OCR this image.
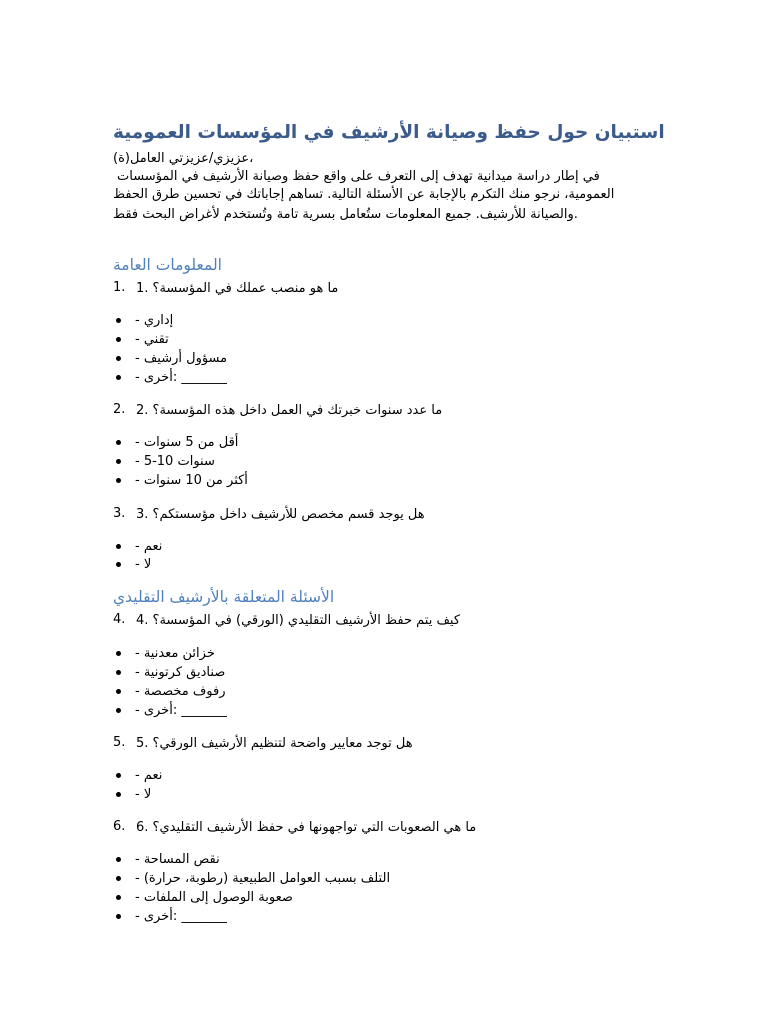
استبيان حول حفظ وصيانة الأرشيف في المؤسسات العمومية
عزيزي/عزيزتي العامل(ة)،
في إطار دراسة ميدانية تهدف إلى التعرف على واقع حفظ وصيانة الأرشيف في المؤسسات
العمومية، نرجو منك التكرم بالإجابة عن الأسئلة التالية. تساهم إجاباتك في تحسين طرق الحفظ
والصيانة للأرشيف. جميع المعلومات ستُعامل بسرية تامة وتُستخدم لأغراض البحث فقط.
المعلومات العامة
1. 1. ما هو منصب عملك في المؤسسة؟
- إداري
- تقني
- مسؤول أرشيف
- أخرى: _______
2. 2. ما عدد سنوات خبرتك في العمل داخل هذه المؤسسة؟
- أقل من 5 سنوات
- 5-10 سنوات
- أكثر من 10 سنوات
3. 3. هل يوجد قسم مخصص للأرشيف داخل مؤسستكم؟
- نعم
- لا
الأسئلة المتعلقة بالأرشيف التقليدي
4. 4. كيف يتم حفظ الأرشيف التقليدي (الورقي) في المؤسسة؟
- خزائن معدنية
- صناديق كرتونية
- رفوف مخصصة
- أخرى: _______
5. 5. هل توجد معايير واضحة لتنظيم الأرشيف الورقي؟
- نعم
- لا
6. 6. ما هي الصعوبات التي تواجهونها في حفظ الأرشيف التقليدي؟
- نقص المساحة
- التلف بسبب العوامل الطبيعية (رطوبة، حرارة)
- صعوبة الوصول إلى الملفات
- أخرى: _______
